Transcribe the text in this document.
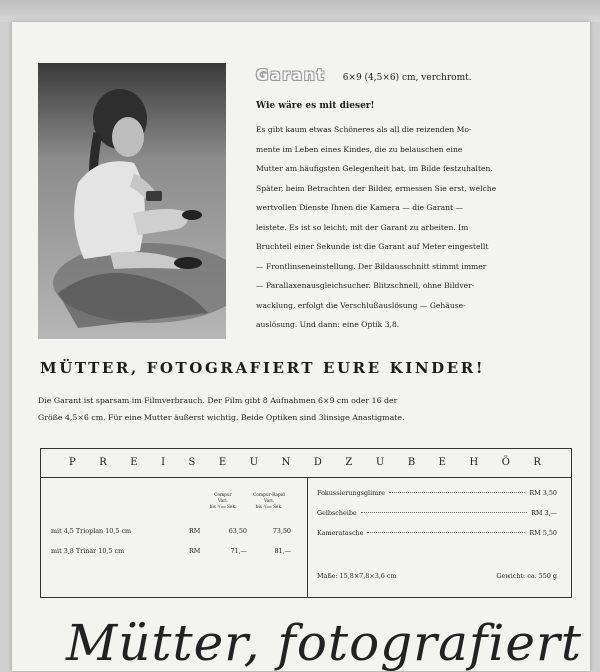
Garant 6×9 (4,5×6) cm, verchromt.
Wie wäre es mit dieser!
Es gibt kaum etwas Schöneres als all die reizenden Mo-
mente im Leben eines Kindes, die zu belauschen eine
Mutter am häufigsten Gelegenheit hat, im Bilde festzuhalten.
Später, beim Betrachten der Bilder, ermessen Sie erst, welche
wertvollen Dienste Ihnen die Kamera — die Garant —
leistete. Es ist so leicht, mit der Garant zu arbeiten. Im
Bruchteil einer Sekunde ist die Garant auf Meter eingestellt
— Frontlinseneinstellung. Der Bildausschnitt stimmt immer
— Parallaxenausgleichsucher. Blitzschnell, ohne Bildver-
wacklung, erfolgt die Verschlußauslösung — Gehäuse-
auslösung. Und dann: eine Optik 3,8.
MÜTTER, FOTOGRAFIERT EURE KINDER!
Die Garant ist sparsam im Filmverbrauch. Der Film gibt 8 Aufnahmen 6×9 cm oder 16 der
Größe 4,5×6 cm. Für eine Mutter äußerst wichtig. Beide Optiken sind 3linsige Anastigmate.
P R E I S E U N D Z U B E H Ö R
Compur
Vari.
bis ¹/₁₀₀ Sek.
Compur-Rapid
Vari.
bis ¹/₂₀₀ Sek.
mit 4,5 Trioplan 10,5 cm	RM	63,50	73,50
mit 3,8 Trinar 10,5 cm	RM	71,—	81,—
Fokussierungsglimre	RM 3,50
Gelbscheibe	RM 3,—
Kameratasche	RM 5,50
Maße: 15,8×7,8×3,6 cm	Gewicht: ca. 550 g
Mütter, fotografiert
